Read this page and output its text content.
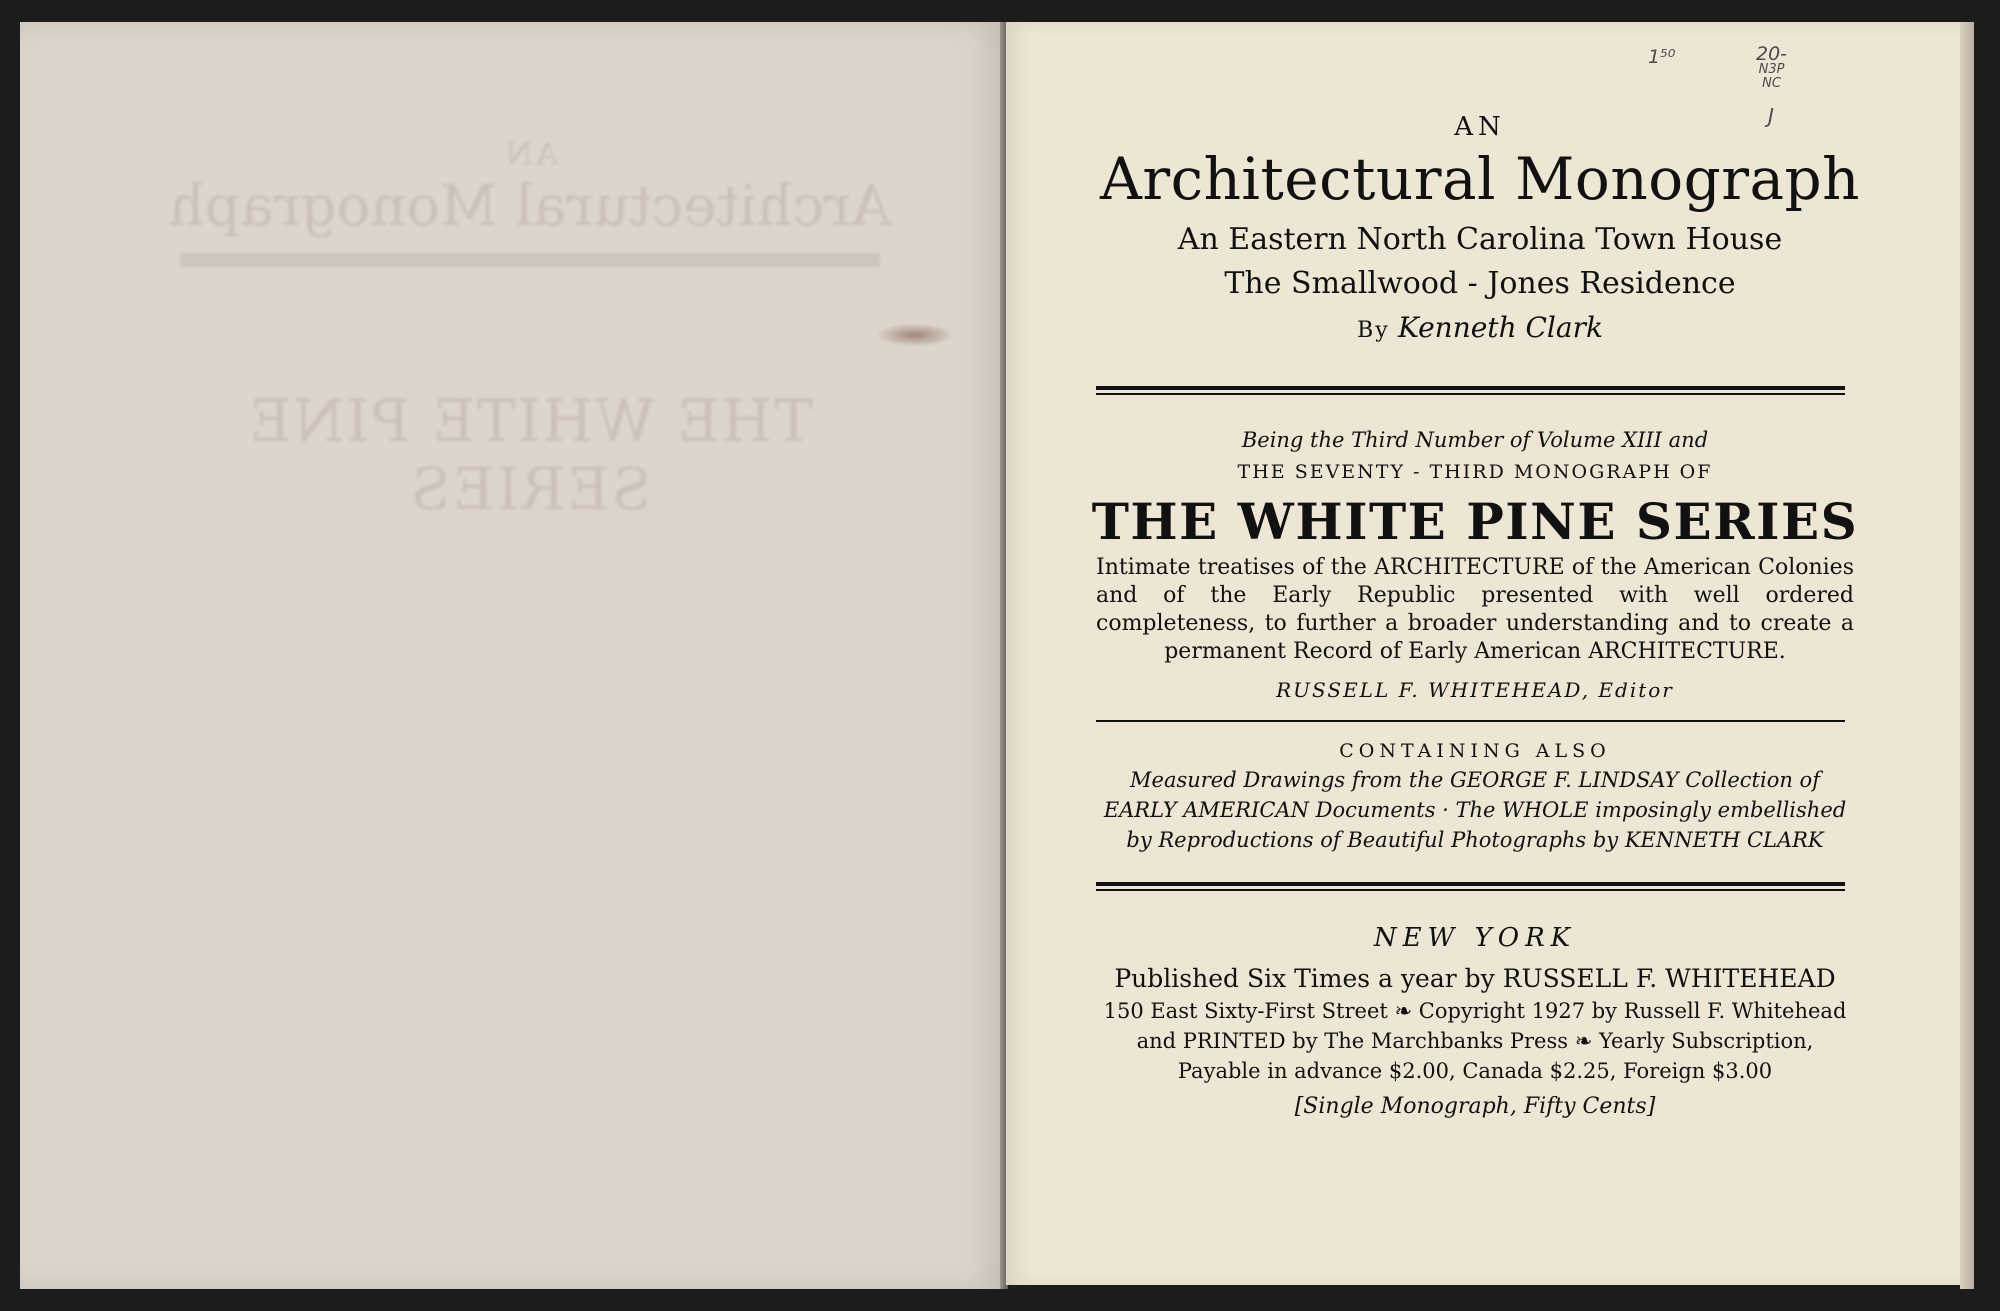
AN
Architectural Monograph
THE WHITE PINE SERIES
1⁵⁰	20-
N3P
NC
J
AN
Architectural Monograph
An Eastern North Carolina Town House
The Smallwood - Jones Residence
By Kenneth Clark
Being the Third Number of Volume XIII and
THE SEVENTY - THIRD MONOGRAPH OF
THE WHITE PINE SERIES
Intimate treatises of the ARCHITECTURE of the American Colonies and of the Early Republic presented with well ordered completeness, to further a broader understanding and to create a permanent Record of Early American ARCHITECTURE.
RUSSELL F. WHITEHEAD, Editor
CONTAINING ALSO
Measured Drawings from the GEORGE F. LINDSAY Collection of
EARLY AMERICAN Documents · The WHOLE imposingly embellished
by Reproductions of Beautiful Photographs by KENNETH CLARK
NEW YORK
Published Six Times a year by RUSSELL F. WHITEHEAD
150 East Sixty-First Street ❧ Copyright 1927 by Russell F. Whitehead
and PRINTED by The Marchbanks Press ❧ Yearly Subscription,
Payable in advance $2.00, Canada $2.25, Foreign $3.00
[Single Monograph, Fifty Cents]
